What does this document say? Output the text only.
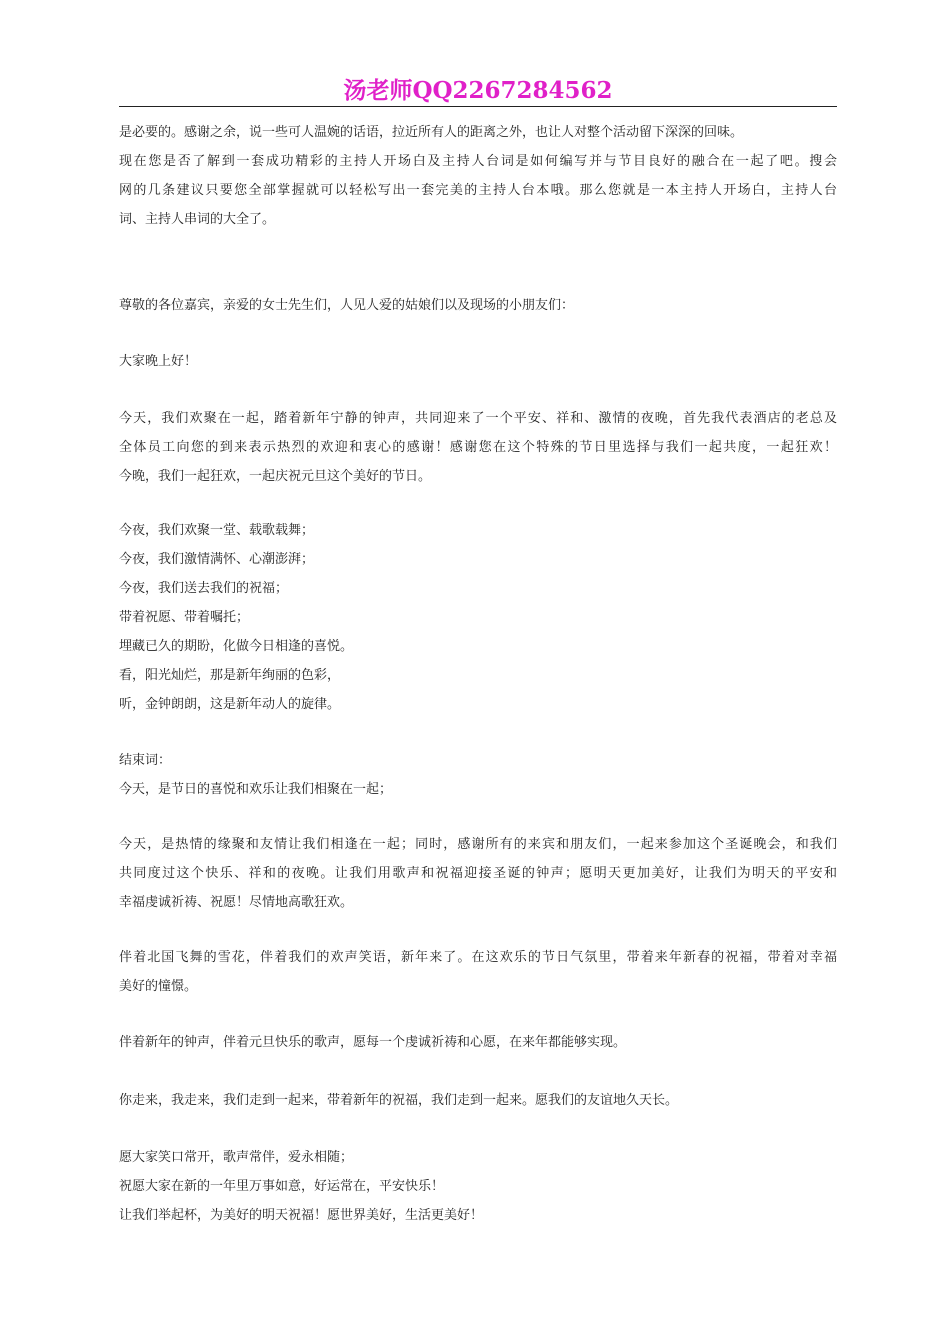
汤老师QQ2267284562
是必要的。感谢之余，说一些可人温婉的话语，拉近所有人的距离之外，也让人对整个活动留下深深的回味。
现在您是否了解到一套成功精彩的主持人开场白及主持人台词是如何编写并与节目良好的融合在一起了吧。搜会
网的几条建议只要您全部掌握就可以轻松写出一套完美的主持人台本哦。那么您就是一本主持人开场白，主持人台
词、主持人串词的大全了。
尊敬的各位嘉宾，亲爱的女士先生们，人见人爱的姑娘们以及现场的小朋友们：
大家晚上好！
今天，我们欢聚在一起，踏着新年宁静的钟声，共同迎来了一个平安、祥和、激情的夜晚，首先我代表酒店的老总及
全体员工向您的到来表示热烈的欢迎和衷心的感谢！感谢您在这个特殊的节日里选择与我们一起共度，一起狂欢！
今晚，我们一起狂欢，一起庆祝元旦这个美好的节日。
今夜，我们欢聚一堂、载歌载舞；
今夜，我们激情满怀、心潮澎湃；
今夜，我们送去我们的祝福；
带着祝愿、带着嘱托；
埋藏已久的期盼，化做今日相逢的喜悦。
看，阳光灿烂，那是新年绚丽的色彩，
听，金钟朗朗，这是新年动人的旋律。
结束词：
今天，是节日的喜悦和欢乐让我们相聚在一起；
今天，是热情的缘聚和友情让我们相逢在一起；同时，感谢所有的来宾和朋友们，一起来参加这个圣诞晚会，和我们
共同度过这个快乐、祥和的夜晚。让我们用歌声和祝福迎接圣诞的钟声；愿明天更加美好，让我们为明天的平安和
幸福虔诚祈祷、祝愿！尽情地高歌狂欢。
伴着北国飞舞的雪花，伴着我们的欢声笑语，新年来了。在这欢乐的节日气氛里，带着来年新春的祝福，带着对幸福
美好的憧憬。
伴着新年的钟声，伴着元旦快乐的歌声，愿每一个虔诚祈祷和心愿，在来年都能够实现。
你走来，我走来，我们走到一起来，带着新年的祝福，我们走到一起来。愿我们的友谊地久天长。
愿大家笑口常开，歌声常伴，爱永相随；
祝愿大家在新的一年里万事如意，好运常在，平安快乐！
让我们举起杯，为美好的明天祝福！愿世界美好，生活更美好！
